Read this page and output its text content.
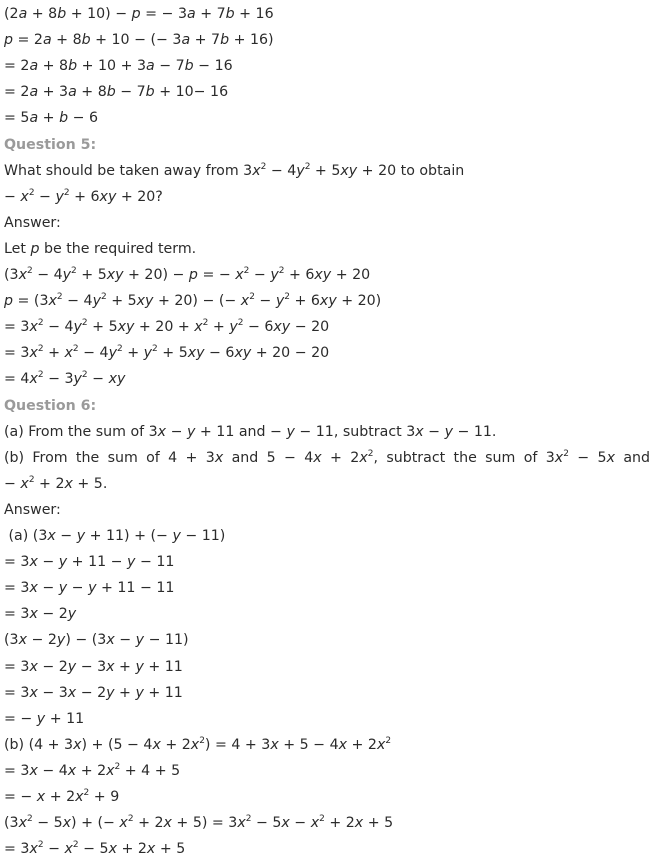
(2a + 8b + 10) − p = − 3a + 7b + 16
p = 2a + 8b + 10 − (− 3a + 7b + 16)
= 2a + 8b + 10 + 3a − 7b − 16
= 2a + 3a + 8b − 7b + 10− 16
= 5a + b − 6
Question 5:
What should be taken away from $3x^2 - 4y^2 + 5xy + 20$ to obtain
− $x^2 - y^2 + 6xy + 20$?
Answer:
Let p be the required term.
$(3x^2 - 4y^2 + 5xy + 20) - p$ = − $x^2 - y^2 + 6xy + 20$
$p = (3x^2 - 4y^2 + 5xy + 20)$ − (− $x^2 - y^2 + 6xy + 20$)
= $3x^2 - 4y^2 + 5xy + 20 + x^2 + y^2 - 6xy - 20$
= $3x^2 + x^2 - 4y^2 + y^2 + 5xy - 6xy + 20 - 20$
= $4x^2 - 3y^2$ − xy
Question 6:
(a) From the sum of 3x − y + 11 and − y − 11, subtract 3x − y − 11.
(b) From the sum of 4 + 3x and $5 - 4x + 2x^2$, subtract the sum of $3x^2 - 5x$ and
− $x^2 + 2x + 5$.
Answer:
(a) (3x − y + 11) + (− y − 11)
= 3x − y + 11 − y − 11
= 3x − y − y + 11 − 11
= 3x − 2y
(3x − 2y) − (3x − y − 11)
= 3x − 2y − 3x + y + 11
= 3x − 3x − 2y + y + 11
= − y + 11
(b) $(4 + 3x) + (5 - 4x + 2x^2) = 4 + 3x + 5 - 4x + 2x^2$
= $3x - 4x + 2x^2 + 4 + 5$
= − $x + 2x^2 + 9$
$(3x^2 - 5x)$ + (− $x^2 + 2x + 5) = 3x^2 - 5x - x^2 + 2x + 5$
= $3x^2 - x^2 - 5x + 2x + 5$
